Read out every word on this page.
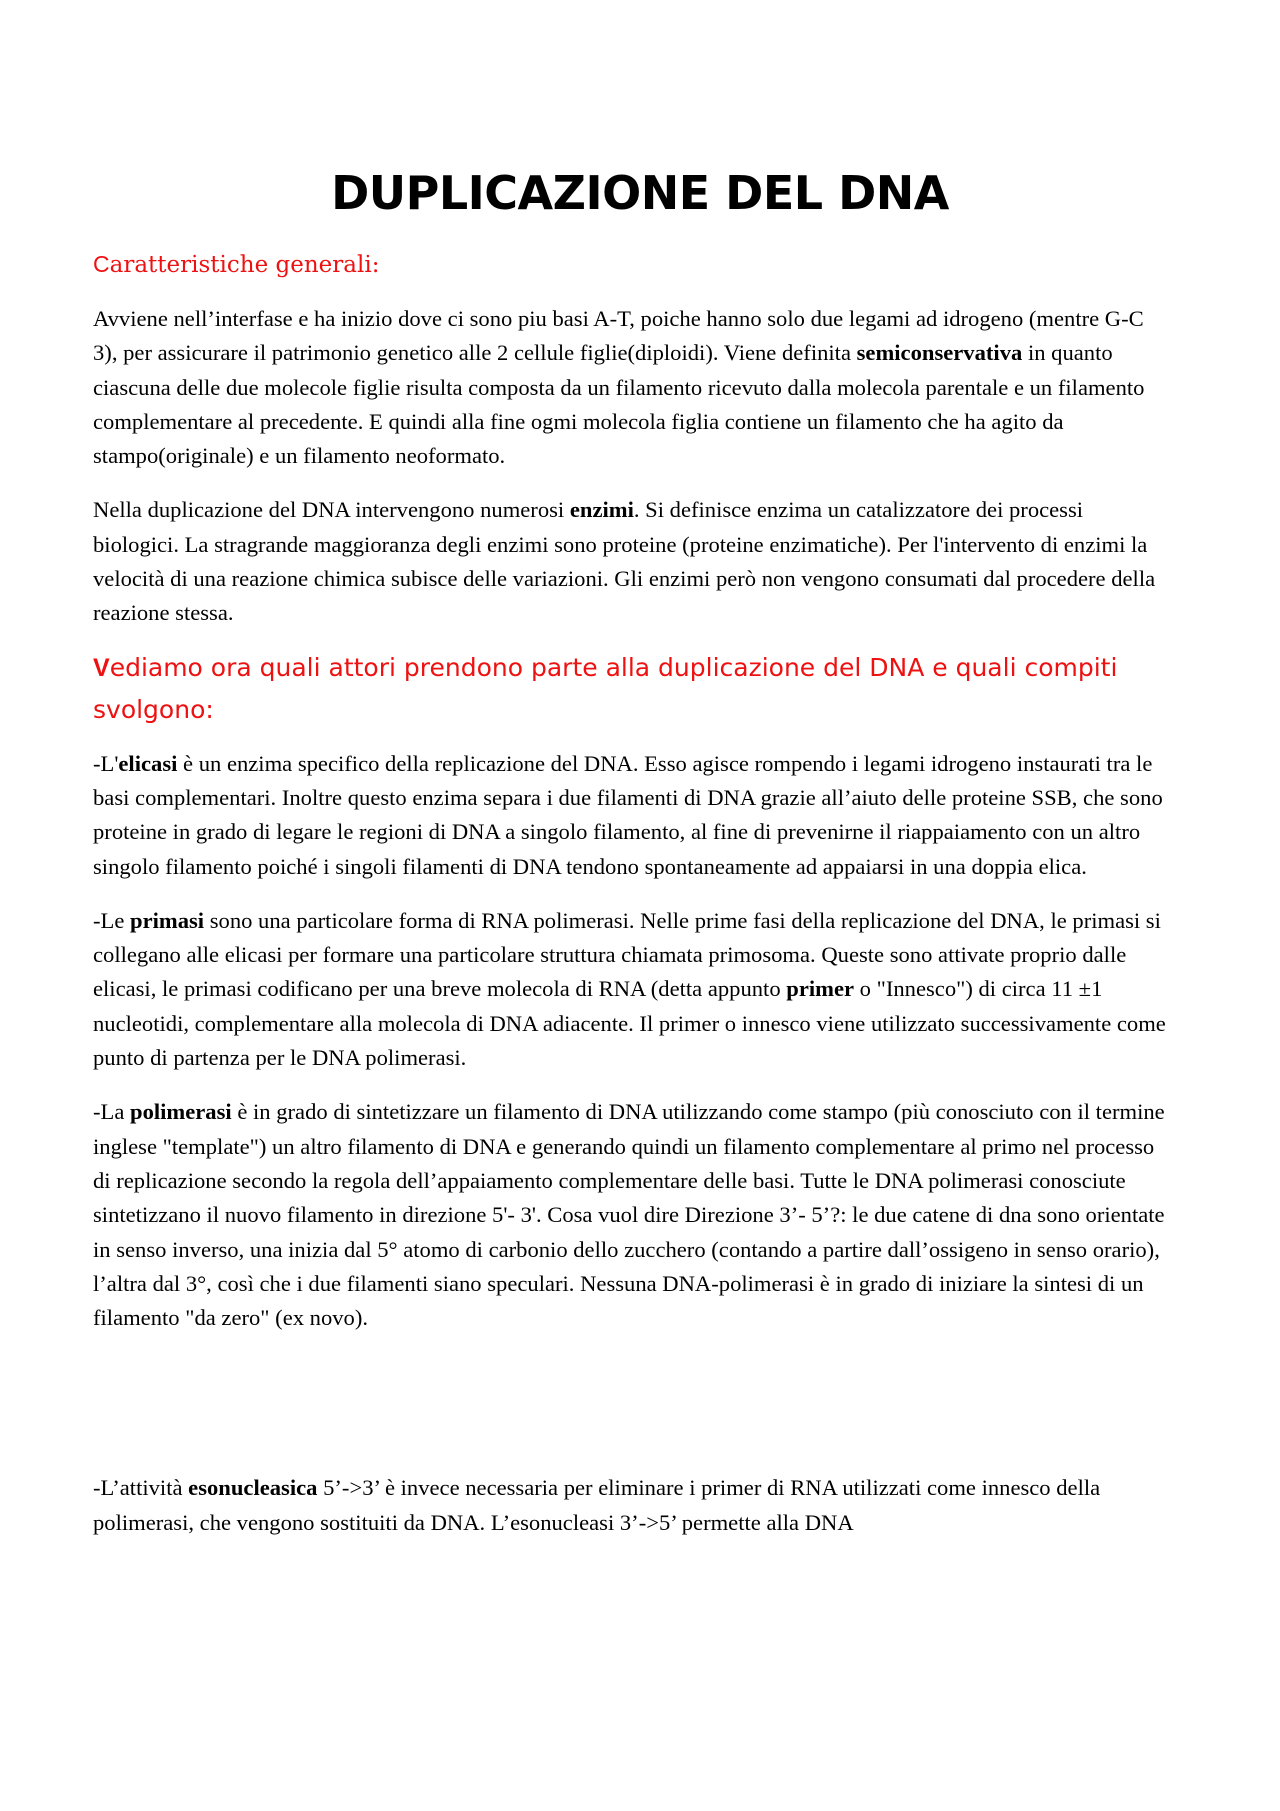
DUPLICAZIONE DEL DNA
Caratteristiche generali:

Avviene nell’interfase e ha inizio dove ci sono piu basi A-T, poiche hanno solo due legami ad idrogeno (mentre G-C 3), per assicurare il patrimonio genetico alle 2 cellule figlie(diploidi). Viene definita semiconservativa in quanto ciascuna delle due molecole figlie risulta composta da un filamento ricevuto dalla molecola parentale e un filamento complementare al precedente. E quindi alla fine ogmi molecola figlia contiene un filamento che ha agito da stampo(originale) e un filamento neoformato.

Nella duplicazione del DNA intervengono numerosi enzimi. Si definisce enzima un catalizzatore dei processi biologici. La stragrande maggioranza degli enzimi sono proteine (proteine enzimatiche). Per l'intervento di enzimi la velocità di una reazione chimica subisce delle variazioni. Gli enzimi però non vengono consumati dal procedere della reazione stessa.

Vediamo ora quali attori prendono parte alla duplicazione del DNA e quali compiti svolgono:

-L'elicasi è un enzima specifico della replicazione del DNA. Esso agisce rompendo i legami idrogeno instaurati tra le basi complementari. Inoltre questo enzima separa i due filamenti di DNA grazie all’aiuto delle proteine SSB, che sono proteine in grado di legare le regioni di DNA a singolo filamento, al fine di prevenirne il riappaiamento con un altro singolo filamento poiché i singoli filamenti di DNA tendono spontaneamente ad appaiarsi in una doppia elica.

-Le primasi sono una particolare forma di RNA polimerasi. Nelle prime fasi della replicazione del DNA, le primasi si collegano alle elicasi per formare una particolare struttura chiamata primosoma. Queste sono attivate proprio dalle elicasi, le primasi codificano per una breve molecola di RNA (detta appunto primer o "Innesco") di circa 11 ±1 nucleotidi, complementare alla molecola di DNA adiacente. Il primer o innesco viene utilizzato successivamente come punto di partenza per le DNA polimerasi.

-La polimerasi è in grado di sintetizzare un filamento di DNA utilizzando come stampo (più conosciuto con il termine inglese "template") un altro filamento di DNA e generando quindi un filamento complementare al primo nel processo di replicazione secondo la regola dell’appaiamento complementare delle basi. Tutte le DNA polimerasi conosciute sintetizzano il nuovo filamento in direzione 5'- 3'. Cosa vuol dire Direzione 3’- 5’?: le due catene di dna sono orientate in senso inverso, una inizia dal 5° atomo di carbonio dello zucchero (contando a partire dall’ossigeno in senso orario), l’altra dal 3°, così che i due filamenti siano speculari. Nessuna DNA-polimerasi è in grado di iniziare la sintesi di un filamento "da zero" (ex novo).

-L’attività esonucleasica 5’->3’ è invece necessaria per eliminare i primer di RNA utilizzati come innesco della polimerasi, che vengono sostituiti da DNA. L’esonucleasi 3’->5’ permette alla DNA
